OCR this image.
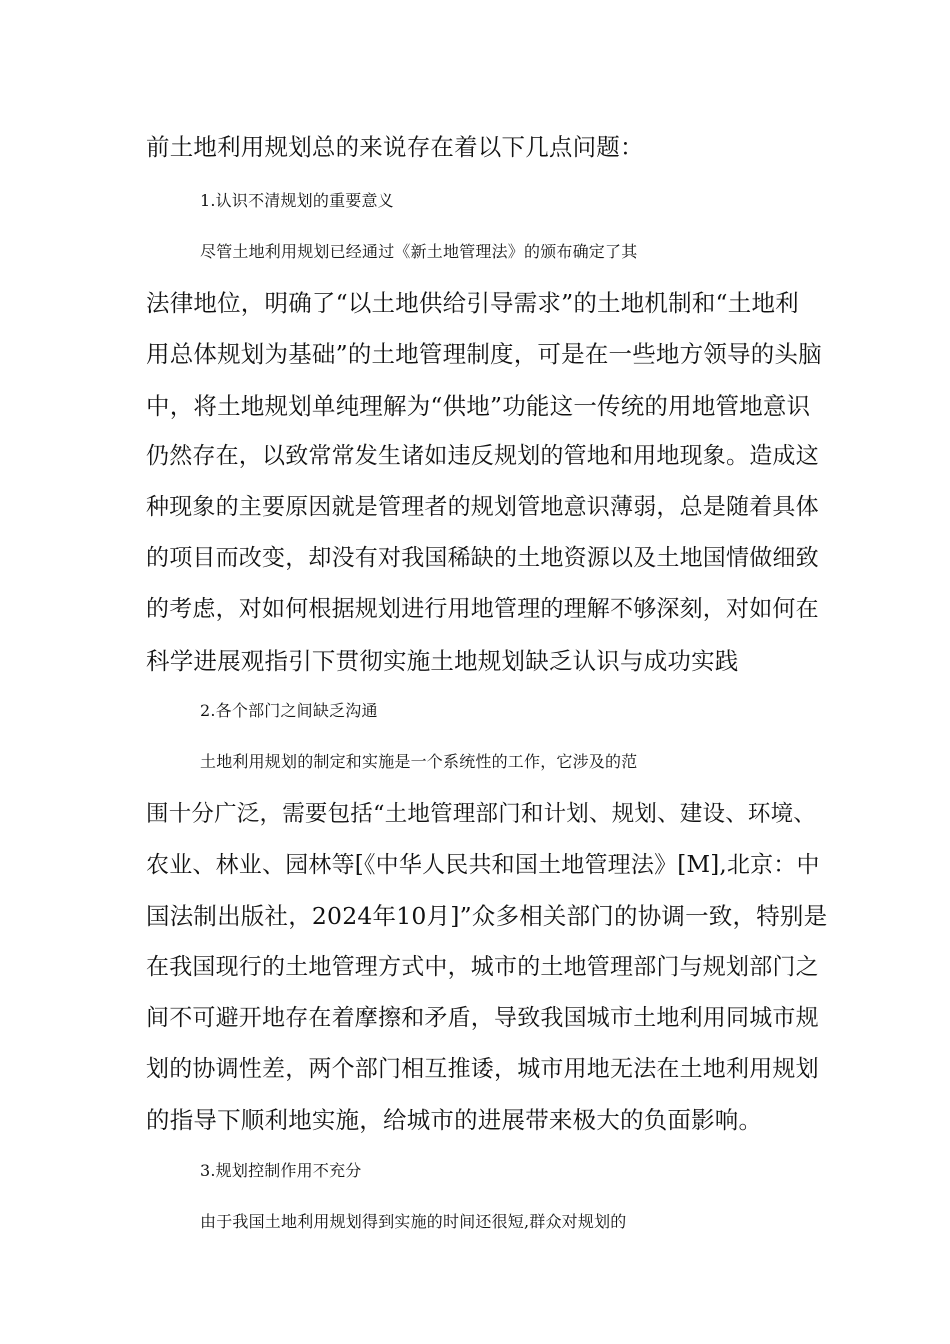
前土地利用规划总的来说存在着以下几点问题：
1.认识不清规划的重要意义
尽管土地利用规划已经通过《新土地管理法》的颁布确定了其
法律地位，明确了“以土地供给引导需求”的土地机制和“土地利
用总体规划为基础”的土地管理制度，可是在一些地方领导的头脑
中，将土地规划单纯理解为“供地”功能这一传统的用地管地意识
仍然存在，以致常常发生诸如违反规划的管地和用地现象。造成这
种现象的主要原因就是管理者的规划管地意识薄弱，总是随着具体
的项目而改变，却没有对我国稀缺的土地资源以及土地国情做细致
的考虑，对如何根据规划进行用地管理的理解不够深刻，对如何在
科学进展观指引下贯彻实施土地规划缺乏认识与成功实践
2.各个部门之间缺乏沟通
土地利用规划的制定和实施是一个系统性的工作，它涉及的范
围十分广泛，需要包括“土地管理部门和计划、规划、建设、环境、
农业、林业、园林等[《中华人民共和国土地管理法》[M],北京：中
国法制出版社，2024年10月]”众多相关部门的协调一致，特别是
在我国现行的土地管理方式中，城市的土地管理部门与规划部门之
间不可避开地存在着摩擦和矛盾，导致我国城市土地利用同城市规
划的协调性差，两个部门相互推诿，城市用地无法在土地利用规划
的指导下顺利地实施，给城市的进展带来极大的负面影响。
3.规划控制作用不充分
由于我国土地利用规划得到实施的时间还很短,群众对规划的
